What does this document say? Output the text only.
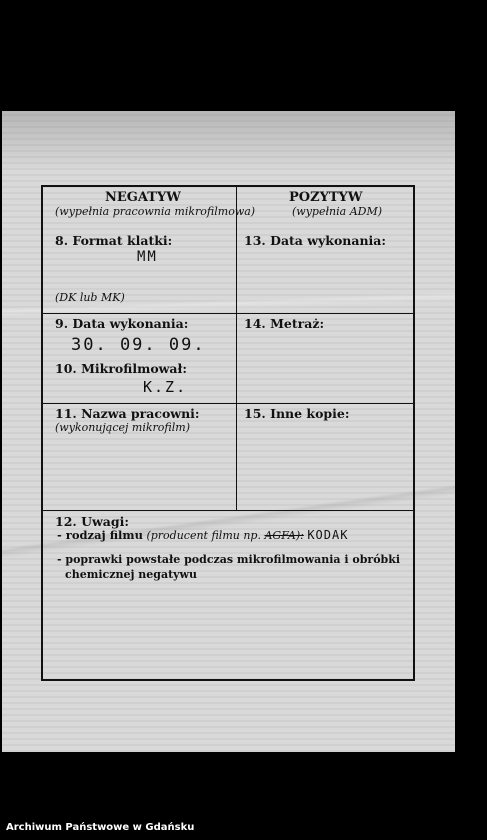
NEGATYW
(wypełnia pracownia mikrofilmowa)
POZYTYW
(wypełnia ADM)
8. Format klatki:
MM
(DK lub MK)
13. Data wykonania:
9. Data wykonania:
30. 09. 09.
10. Mikrofilmował:
K.Z.
14. Metraż:
11. Nazwa pracowni:
(wykonującej mikrofilm)
15. Inne kopie:
12. Uwagi:
- rodzaj filmu (producent filmu np. AGFA): KODAK
- poprawki powstałe podczas mikrofilmowania i obróbki
chemicznej negatywu
Archiwum Państwowe w Gdańsku
